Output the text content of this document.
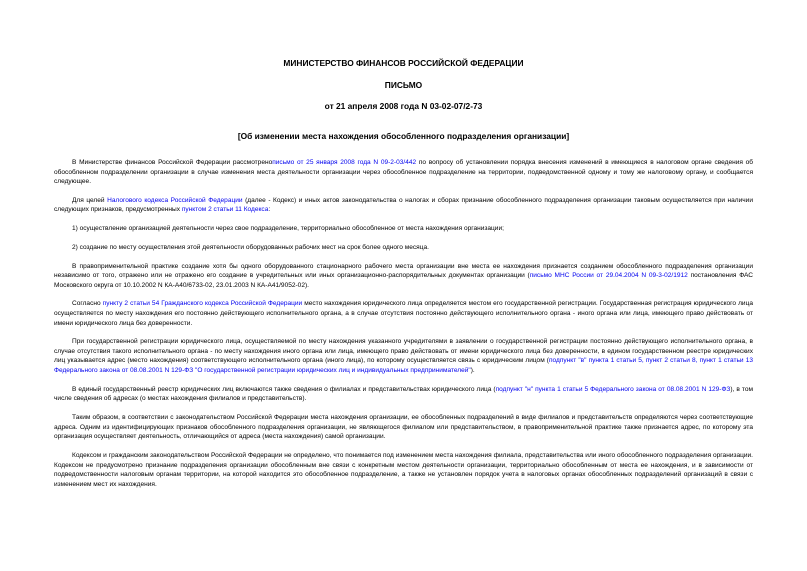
МИНИСТЕРСТВО ФИНАНСОВ РОССИЙСКОЙ ФЕДЕРАЦИИ
ПИСЬМО
от 21 апреля 2008 года N 03-02-07/2-73
[Об изменении места нахождения обособленного подразделения организации]

В Министерстве финансов Российской Федерации рассмотренописьмо от 25 января 2008 года N 09-2-03/442 по вопросу об установлении порядка внесения изменений в имеющиеся в налоговом органе сведения об обособленном подразделении организации в случае изменения места деятельности организации через обособленное подразделение на территории, подведомственной одному и тому же налоговому органу, и сообщается следующее.

Для целей Налогового кодекса Российской Федерации (далее - Кодекс) и иных актов законодательства о налогах и сборах признание обособленного подразделения организации таковым осуществляется при наличии следующих признаков, предусмотренных пунктом 2 статьи 11 Кодекса:

1) осуществление организацией деятельности через свое подразделение, территориально обособленное от места нахождения организации;

2) создание по месту осуществления этой деятельности оборудованных рабочих мест на срок более одного месяца.

В правоприменительной практике создание хотя бы одного оборудованного стационарного рабочего места организации вне места ее нахождения признается созданием обособленного подразделения организации независимо от того, отражено или не отражено его создание в учредительных или иных организационно-распорядительных документах организации (письмо МНС России от 29.04.2004 N 09-3-02/1912 постановления ФАС Московского округа от 10.10.2002 N КА-А40/6733-02, 23.01.2003 N КА-А41/9052-02).

Согласно пункту 2 статьи 54 Гражданского кодекса Российской Федерации место нахождения юридического лица определяется местом его государственной регистрации. Государственная регистрация юридического лица осуществляется по месту нахождения его постоянно действующего исполнительного органа, а в случае отсутствия постоянно действующего исполнительного органа - иного органа или лица, имеющего право действовать от имени юридического лица без доверенности.

При государственной регистрации юридического лица, осуществляемой по месту нахождения указанного учредителями в заявлении о государственной регистрации постоянно действующего исполнительного органа, в случае отсутствия такого исполнительного органа - по месту нахождения иного органа или лица, имеющего право действовать от имени юридического лица без доверенности, в едином государственном реестре юридических лиц указывается адрес (место нахождения) соответствующего исполнительного органа (иного лица), по которому осуществляется связь с юридическим лицом (подпункт "в" пункта 1 статьи 5, пункт 2 статьи 8, пункт 1 статьи 13 Федерального закона от 08.08.2001 N 129-ФЗ "О государственной регистрации юридических лиц и индивидуальных предпринимателей").

В единый государственный реестр юридических лиц включаются также сведения о филиалах и представительствах юридического лица (подпункт "н" пункта 1 статьи 5 Федерального закона от 08.08.2001 N 129-ФЗ), в том числе сведения об адресах (о местах нахождения филиалов и представительств).

Таким образом, в соответствии с законодательством Российской Федерации места нахождения организации, ее обособленных подразделений в виде филиалов и представительств определяются через соответствующие адреса. Одним из идентифицирующих признаков обособленного подразделения организации, не являющегося филиалом или представительством, в правоприменительной практике также признается адрес, по которому эта организация осуществляет деятельность, отличающийся от адреса (места нахождения) самой организации.

Кодексом и гражданским законодательством Российской Федерации не определено, что понимается под изменением места нахождения филиала, представительства или иного обособленного подразделения организации. Кодексом не предусмотрено признание подразделения организации обособленным вне связи с конкретным местом деятельности организации, территориально обособленным от места ее нахождения, и в зависимости от подведомственности налоговым органам территории, на которой находится это обособленное подразделение, а также не установлен порядок учета в налоговых органах обособленных подразделений организаций в связи с изменением мест их нахождения.
